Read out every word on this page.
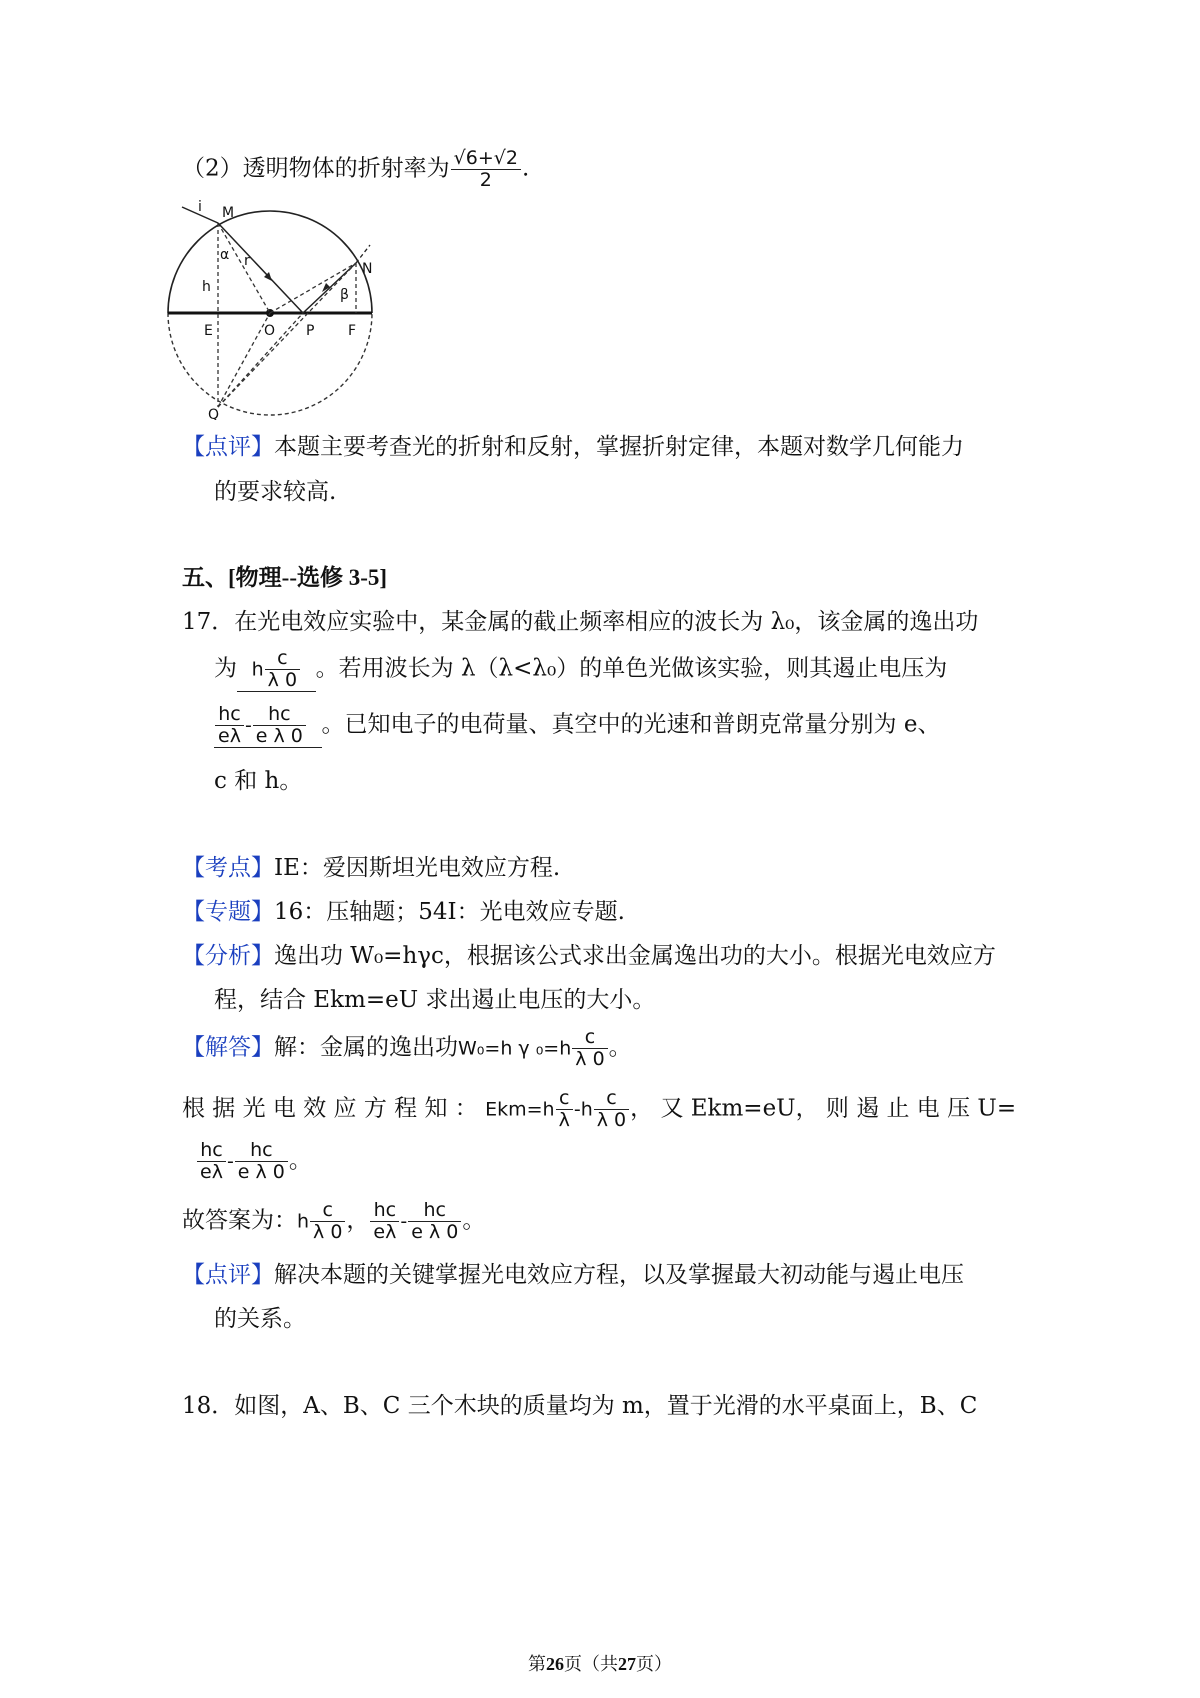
（2）透明物体的折射率为 $\frac{√6+√2}{2}$ .
i M
α r
h
N
β
E	O P F
Q
【点评】本题主要考查光的折射和反射，掌握折射定律，本题对数学几何能力
的要求较高.
五、[物理--选修 3-5]
17．在光电效应实验中，某金属的截止频率相应的波长为 λ₀，该金属的逸出功
为 h $\frac{c}{\lambda 0}$ 。若用波长为 λ（λ<λ₀）的单色光做该实验，则其遏止电压为
$\frac{hc}{e\lambda} - \frac{hc}{\text{e λ 0}}$ 。已知电子的电荷量、真空中的光速和普朗克常量分别为 e、
c 和 h。
【考点】IE：爱因斯坦光电效应方程.
【专题】16：压轴题；54I：光电效应专题.
【分析】逸出功 W₀=hγc，根据该公式求出金属逸出功的大小。根据光电效应方
程，结合 Ekm=eU 求出遏止电压的大小。
【解答】解：金属的逸出功W₀=h γ $_0=h \frac{c}{\lambda 0}$ 。
根 据 光 电 效 应 方 程 知 ： $Ekm=h \frac{c}{\lambda} -h \frac{c}{\lambda 0}$ ， 又 Ekm=eU， 则 遏 止 电 压 U=
$\frac{hc}{e\lambda} - \frac{hc}{\text{e λ 0}}$ 。
故答案为：h $\frac{c}{\lambda 0}$ ， $\frac{hc}{e\lambda} - \frac{hc}{\text{e λ 0}}$ 。
【点评】解决本题的关键掌握光电效应方程，以及掌握最大初动能与遏止电压
的关系。
18．如图，A、B、C 三个木块的质量均为 m，置于光滑的水平桌面上，B、C
第26页（共27页）
